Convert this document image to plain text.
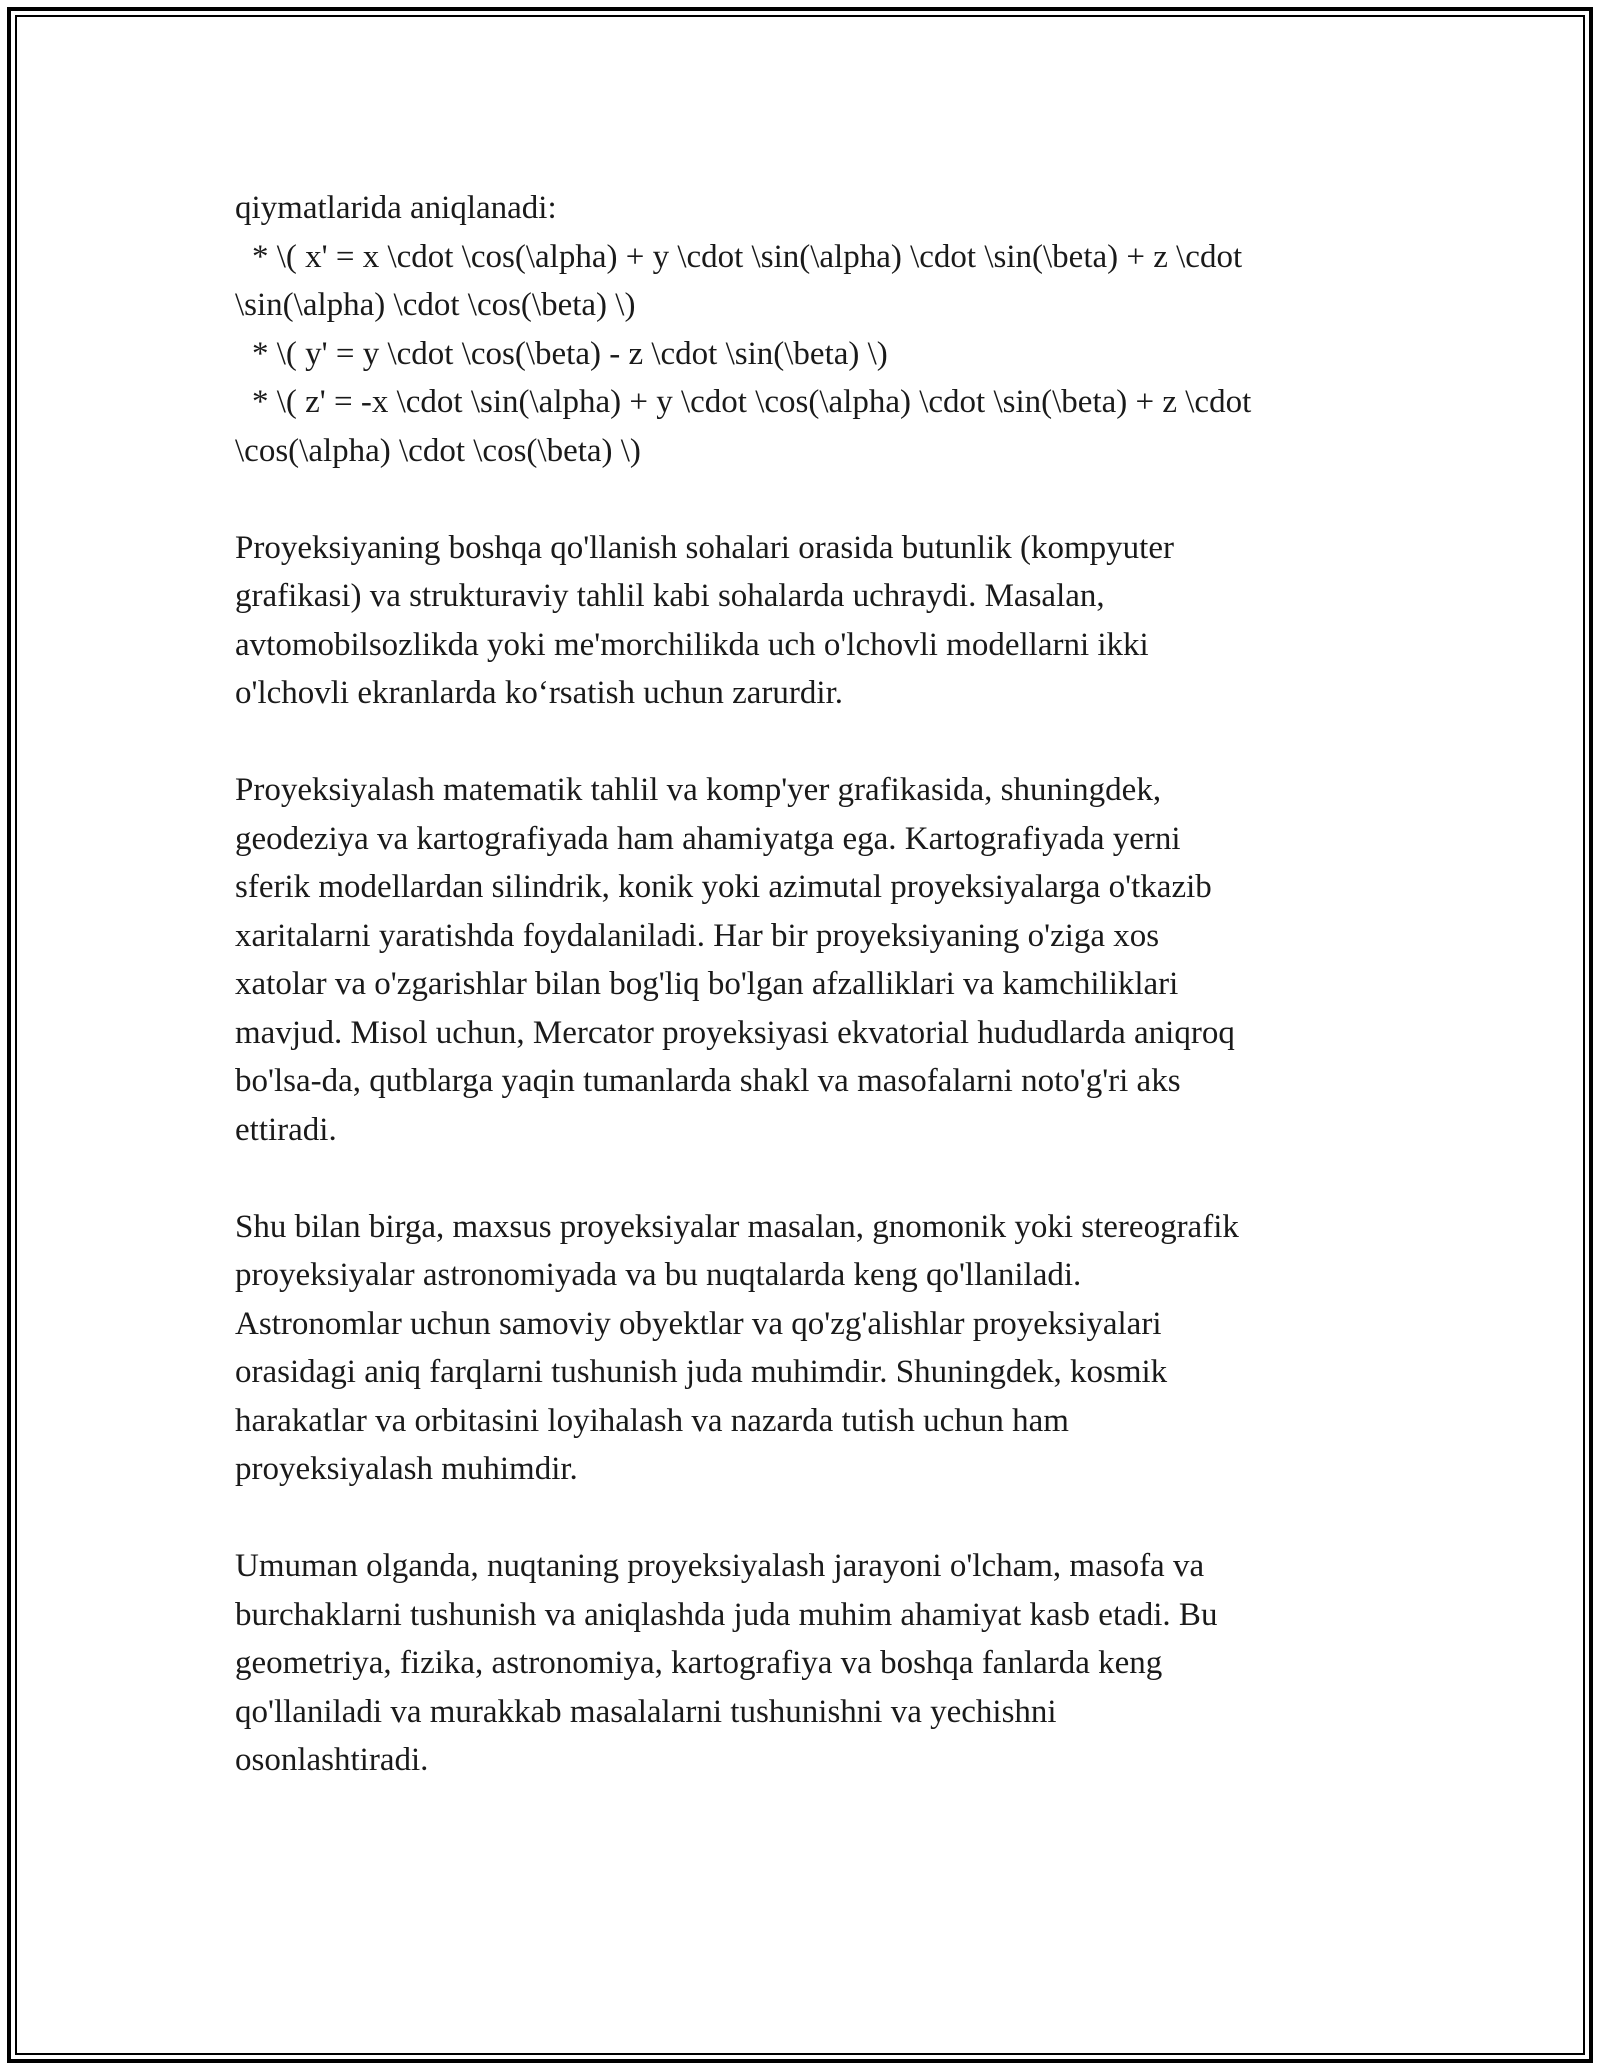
qiymatlarida aniqlanadi:
* \( x' = x \cdot \cos(\alpha) + y \cdot \sin(\alpha) \cdot \sin(\beta) + z \cdot
\sin(\alpha) \cdot \cos(\beta) \)
* \( y' = y \cdot \cos(\beta) - z \cdot \sin(\beta) \)
* \( z' = -x \cdot \sin(\alpha) + y \cdot \cos(\alpha) \cdot \sin(\beta) + z \cdot
\cos(\alpha) \cdot \cos(\beta) \)
Proyeksiyaning boshqa qo'llanish sohalari orasida butunlik (kompyuter
grafikasi) va strukturaviy tahlil kabi sohalarda uchraydi. Masalan,
avtomobilsozlikda yoki me'morchilikda uch o'lchovli modellarni ikki
o'lchovli ekranlarda ko‘rsatish uchun zarurdir.
Proyeksiyalash matematik tahlil va komp'yer grafikasida, shuningdek,
geodeziya va kartografiyada ham ahamiyatga ega. Kartografiyada yerni
sferik modellardan silindrik, konik yoki azimutal proyeksiyalarga o'tkazib
xaritalarni yaratishda foydalaniladi. Har bir proyeksiyaning o'ziga xos
xatolar va o'zgarishlar bilan bog'liq bo'lgan afzalliklari va kamchiliklari
mavjud. Misol uchun, Mercator proyeksiyasi ekvatorial hududlarda aniqroq
bo'lsa-da, qutblarga yaqin tumanlarda shakl va masofalarni noto'g'ri aks
ettiradi.
Shu bilan birga, maxsus proyeksiyalar masalan, gnomonik yoki stereografik
proyeksiyalar astronomiyada va bu nuqtalarda keng qo'llaniladi.
Astronomlar uchun samoviy obyektlar va qo'zg'alishlar proyeksiyalari
orasidagi aniq farqlarni tushunish juda muhimdir. Shuningdek, kosmik
harakatlar va orbitasini loyihalash va nazarda tutish uchun ham
proyeksiyalash muhimdir.
Umuman olganda, nuqtaning proyeksiyalash jarayoni o'lcham, masofa va
burchaklarni tushunish va aniqlashda juda muhim ahamiyat kasb etadi. Bu
geometriya, fizika, astronomiya, kartografiya va boshqa fanlarda keng
qo'llaniladi va murakkab masalalarni tushunishni va yechishni
osonlashtiradi.
